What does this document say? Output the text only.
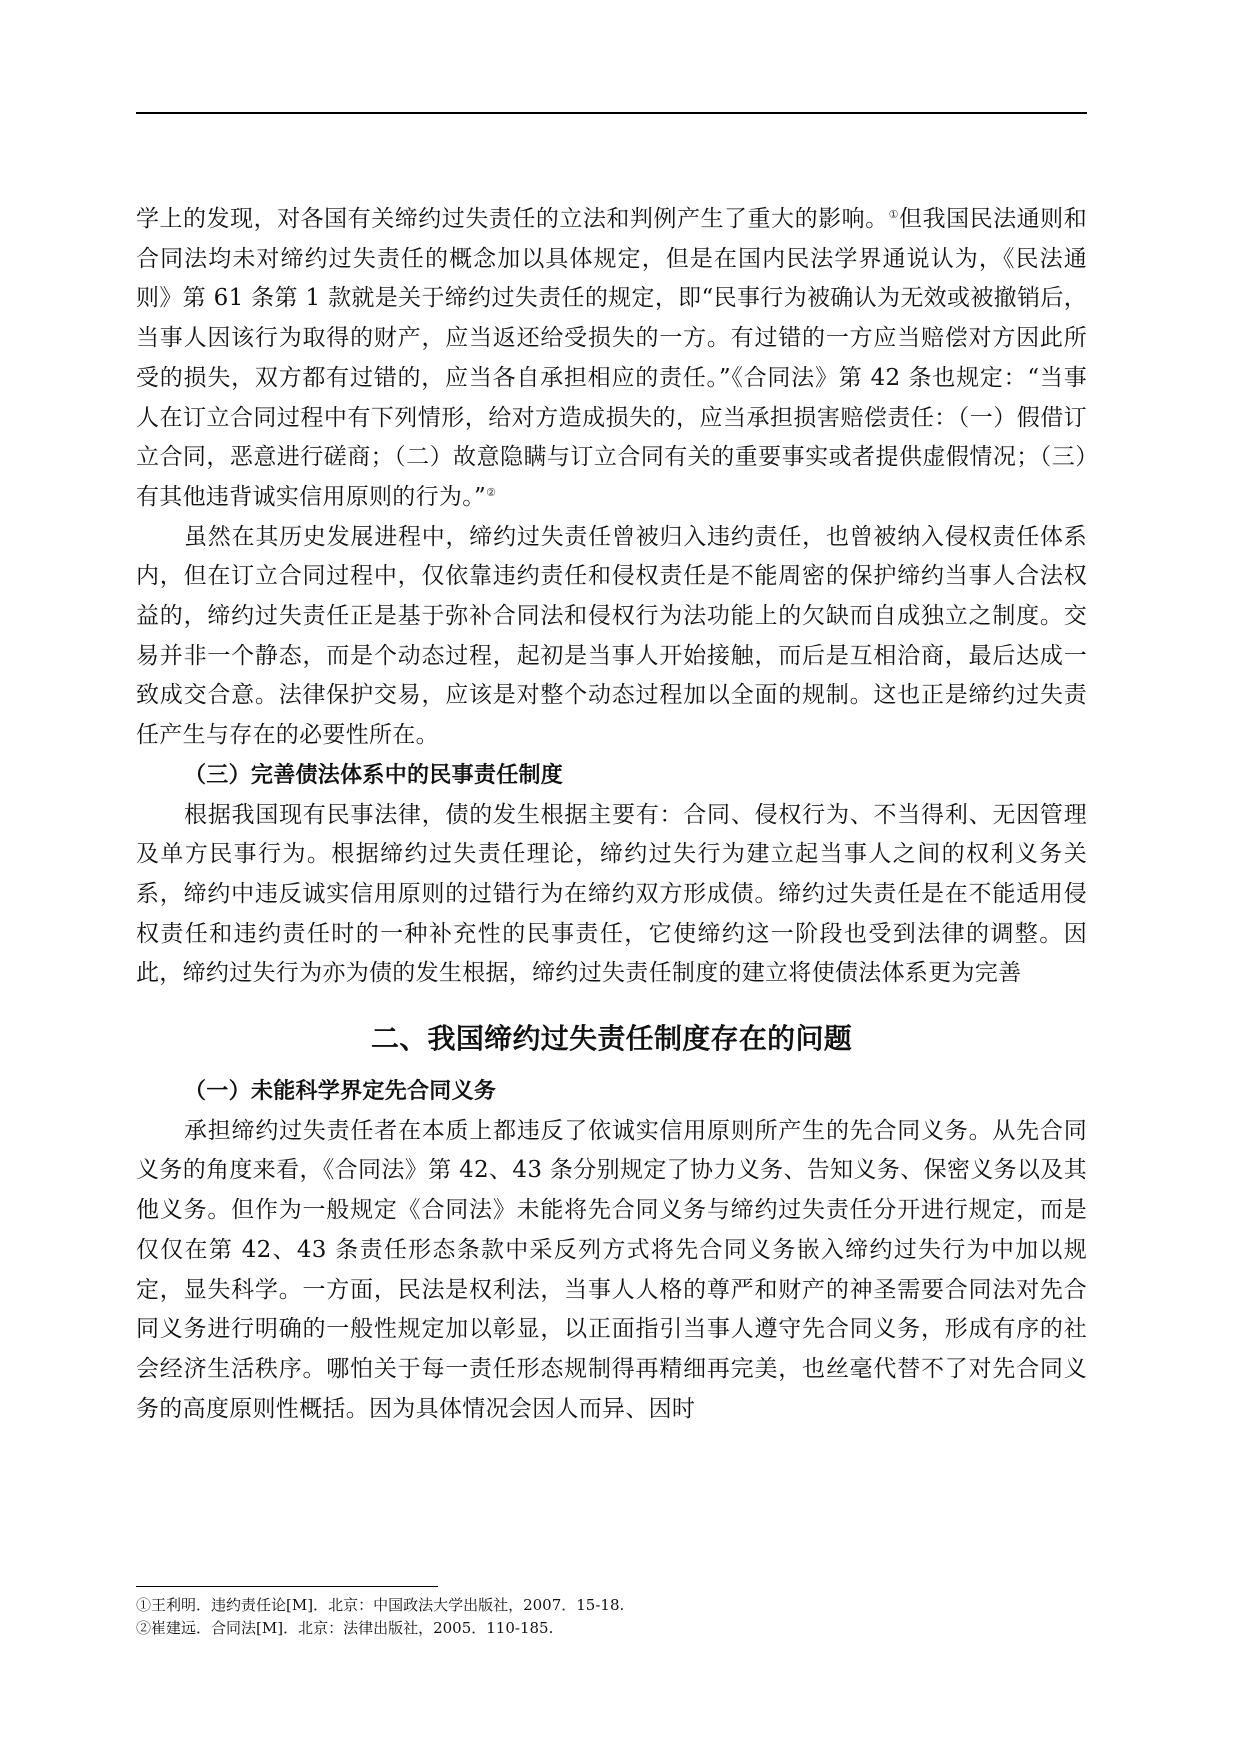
学上的发现，对各国有关缔约过失责任的立法和判例产生了重大的影响。①但我国民法通则和合同法均未对缔约过失责任的概念加以具体规定，但是在国内民法学界通说认为，《民法通则》第 61 条第 1 款就是关于缔约过失责任的规定，即“民事行为被确认为无效或被撤销后，当事人因该行为取得的财产，应当返还给受损失的一方。有过错的一方应当赔偿对方因此所受的损失，双方都有过错的，应当各自承担相应的责任。”《合同法》第 42 条也规定：“当事人在订立合同过程中有下列情形，给对方造成损失的，应当承担损害赔偿责任：（一）假借订立合同，恶意进行磋商；（二）故意隐瞒与订立合同有关的重要事实或者提供虚假情况；（三）有其他违背诚实信用原则的行为。”②

虽然在其历史发展进程中，缔约过失责任曾被归入违约责任，也曾被纳入侵权责任体系内，但在订立合同过程中，仅依靠违约责任和侵权责任是不能周密的保护缔约当事人合法权益的，缔约过失责任正是基于弥补合同法和侵权行为法功能上的欠缺而自成独立之制度。交易并非一个静态，而是个动态过程，起初是当事人开始接触，而后是互相洽商，最后达成一致成交合意。法律保护交易，应该是对整个动态过程加以全面的规制。这也正是缔约过失责任产生与存在的必要性所在。

（三）完善债法体系中的民事责任制度

根据我国现有民事法律，债的发生根据主要有：合同、侵权行为、不当得利、无因管理及单方民事行为。根据缔约过失责任理论，缔约过失行为建立起当事人之间的权利义务关系，缔约中违反诚实信用原则的过错行为在缔约双方形成债。缔约过失责任是在不能适用侵权责任和违约责任时的一种补充性的民事责任，它使缔约这一阶段也受到法律的调整。因此，缔约过失行为亦为债的发生根据，缔约过失责任制度的建立将使债法体系更为完善

二、我国缔约过失责任制度存在的问题

（一）未能科学界定先合同义务

承担缔约过失责任者在本质上都违反了依诚实信用原则所产生的先合同义务。从先合同义务的角度来看，《合同法》第 42、43 条分别规定了协力义务、告知义务、保密义务以及其他义务。但作为一般规定《合同法》未能将先合同义务与缔约过失责任分开进行规定，而是仅仅在第 42、43 条责任形态条款中采反列方式将先合同义务嵌入缔约过失行为中加以规定，显失科学。一方面，民法是权利法，当事人人格的尊严和财产的神圣需要合同法对先合同义务进行明确的一般性规定加以彰显，以正面指引当事人遵守先合同义务，形成有序的社会经济生活秩序。哪怕关于每一责任形态规制得再精细再完美，也丝毫代替不了对先合同义务的高度原则性概括。因为具体情况会因人而异、因时

①王利明．违约责任论[M]．北京：中国政法大学出版社，2007．15-18.
②崔建远．合同法[M]．北京：法律出版社，2005．110-185.
